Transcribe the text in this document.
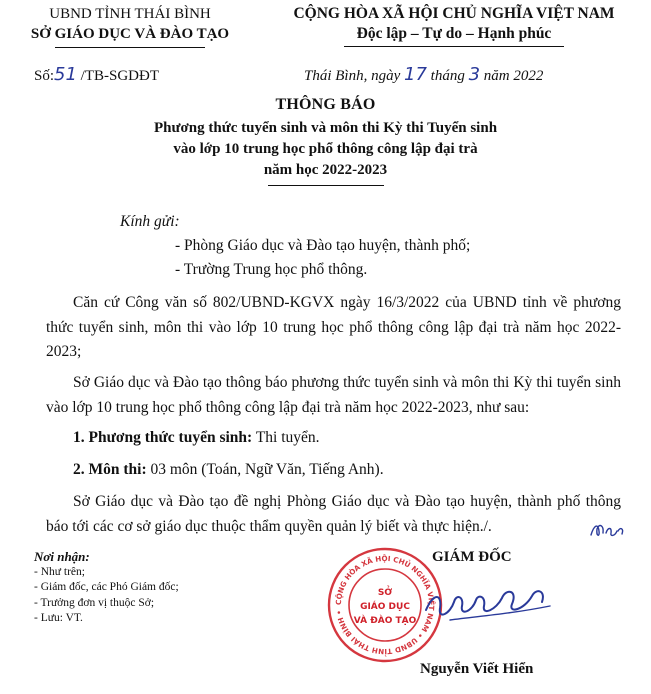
UBND TỈNH THÁI BÌNH
SỞ GIÁO DỤC VÀ ĐÀO TẠO
CỘNG HÒA XÃ HỘI CHỦ NGHĨA VIỆT NAM
Độc lập – Tự do – Hạnh phúc
Số:51 /TB-SGDĐT	Thái Bình, ngày 17 tháng 3 năm 2022
THÔNG BÁO
Phương thức tuyển sinh và môn thi Kỳ thi Tuyển sinh
vào lớp 10 trung học phổ thông công lập đại trà
năm học 2022-2023
Kính gửi:
- Phòng Giáo dục và Đào tạo huyện, thành phố;
- Trường Trung học phổ thông.
Căn cứ Công văn số 802/UBND-KGVX ngày 16/3/2022 của UBND tỉnh về phương thức tuyển sinh, môn thi vào lớp 10 trung học phổ thông công lập đại trà năm học 2022-2023;
Sở Giáo dục và Đào tạo thông báo phương thức tuyển sinh và môn thi Kỳ thi tuyển sinh vào lớp 10 trung học phổ thông công lập đại trà năm học 2022-2023, như sau:
1. Phương thức tuyển sinh: Thi tuyển.
2. Môn thi: 03 môn (Toán, Ngữ Văn, Tiếng Anh).
Sở Giáo dục và Đào tạo đề nghị Phòng Giáo dục và Đào tạo huyện, thành phố thông báo tới các cơ sở giáo dục thuộc thẩm quyền quản lý biết và thực hiện./.
Nơi nhận:
- Như trên;
- Giám đốc, các Phó Giám đốc;
- Trưởng đơn vị thuộc Sở;
- Lưu: VT.
CỘNG HÒA XÃ HỘI CHỦ NGHĨA VIỆT NAM • UBND TỈNH THÁI BÌNH •
SỞ
GIÁO DỤC
VÀ ĐÀO TẠO
GIÁM ĐỐC
Nguyễn Viết Hiển
